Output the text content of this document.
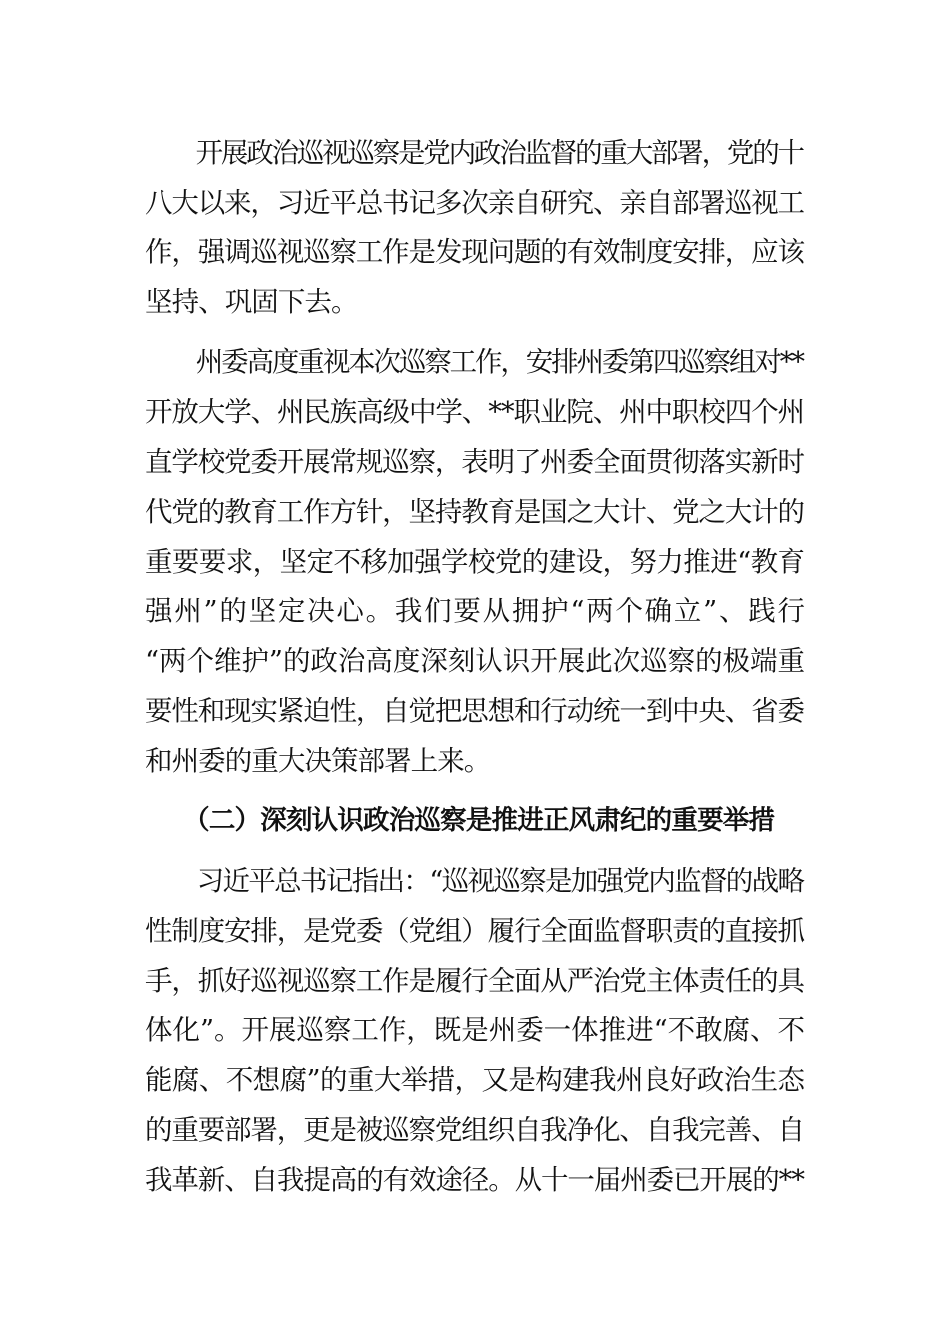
　　开展政治巡视巡察是党内政治监督的重大部署，党的十
八大以来，习近平总书记多次亲自研究、亲自部署巡视工
作，强调巡视巡察工作是发现问题的有效制度安排，应该
坚持、巩固下去。
　　州委高度重视本次巡察工作，安排州委第四巡察组对**
开放大学、州民族高级中学、**职业院、州中职校四个州
直学校党委开展常规巡察，表明了州委全面贯彻落实新时
代党的教育工作方针，坚持教育是国之大计、党之大计的
重要要求，坚定不移加强学校党的建设，努力推进“教育
强州”的坚定决心。我们要从拥护“两个确立”、践行
“两个维护”的政治高度深刻认识开展此次巡察的极端重
要性和现实紧迫性，自觉把思想和行动统一到中央、省委
和州委的重大决策部署上来。
　　（二）深刻认识政治巡察是推进正风肃纪的重要举措
　　习近平总书记指出：“巡视巡察是加强党内监督的战略
性制度安排，是党委（党组）履行全面监督职责的直接抓
手，抓好巡视巡察工作是履行全面从严治党主体责任的具
体化”。开展巡察工作，既是州委一体推进“不敢腐、不
能腐、不想腐”的重大举措，又是构建我州良好政治生态
的重要部署，更是被巡察党组织自我净化、自我完善、自
我革新、自我提高的有效途径。从十一届州委已开展的**
